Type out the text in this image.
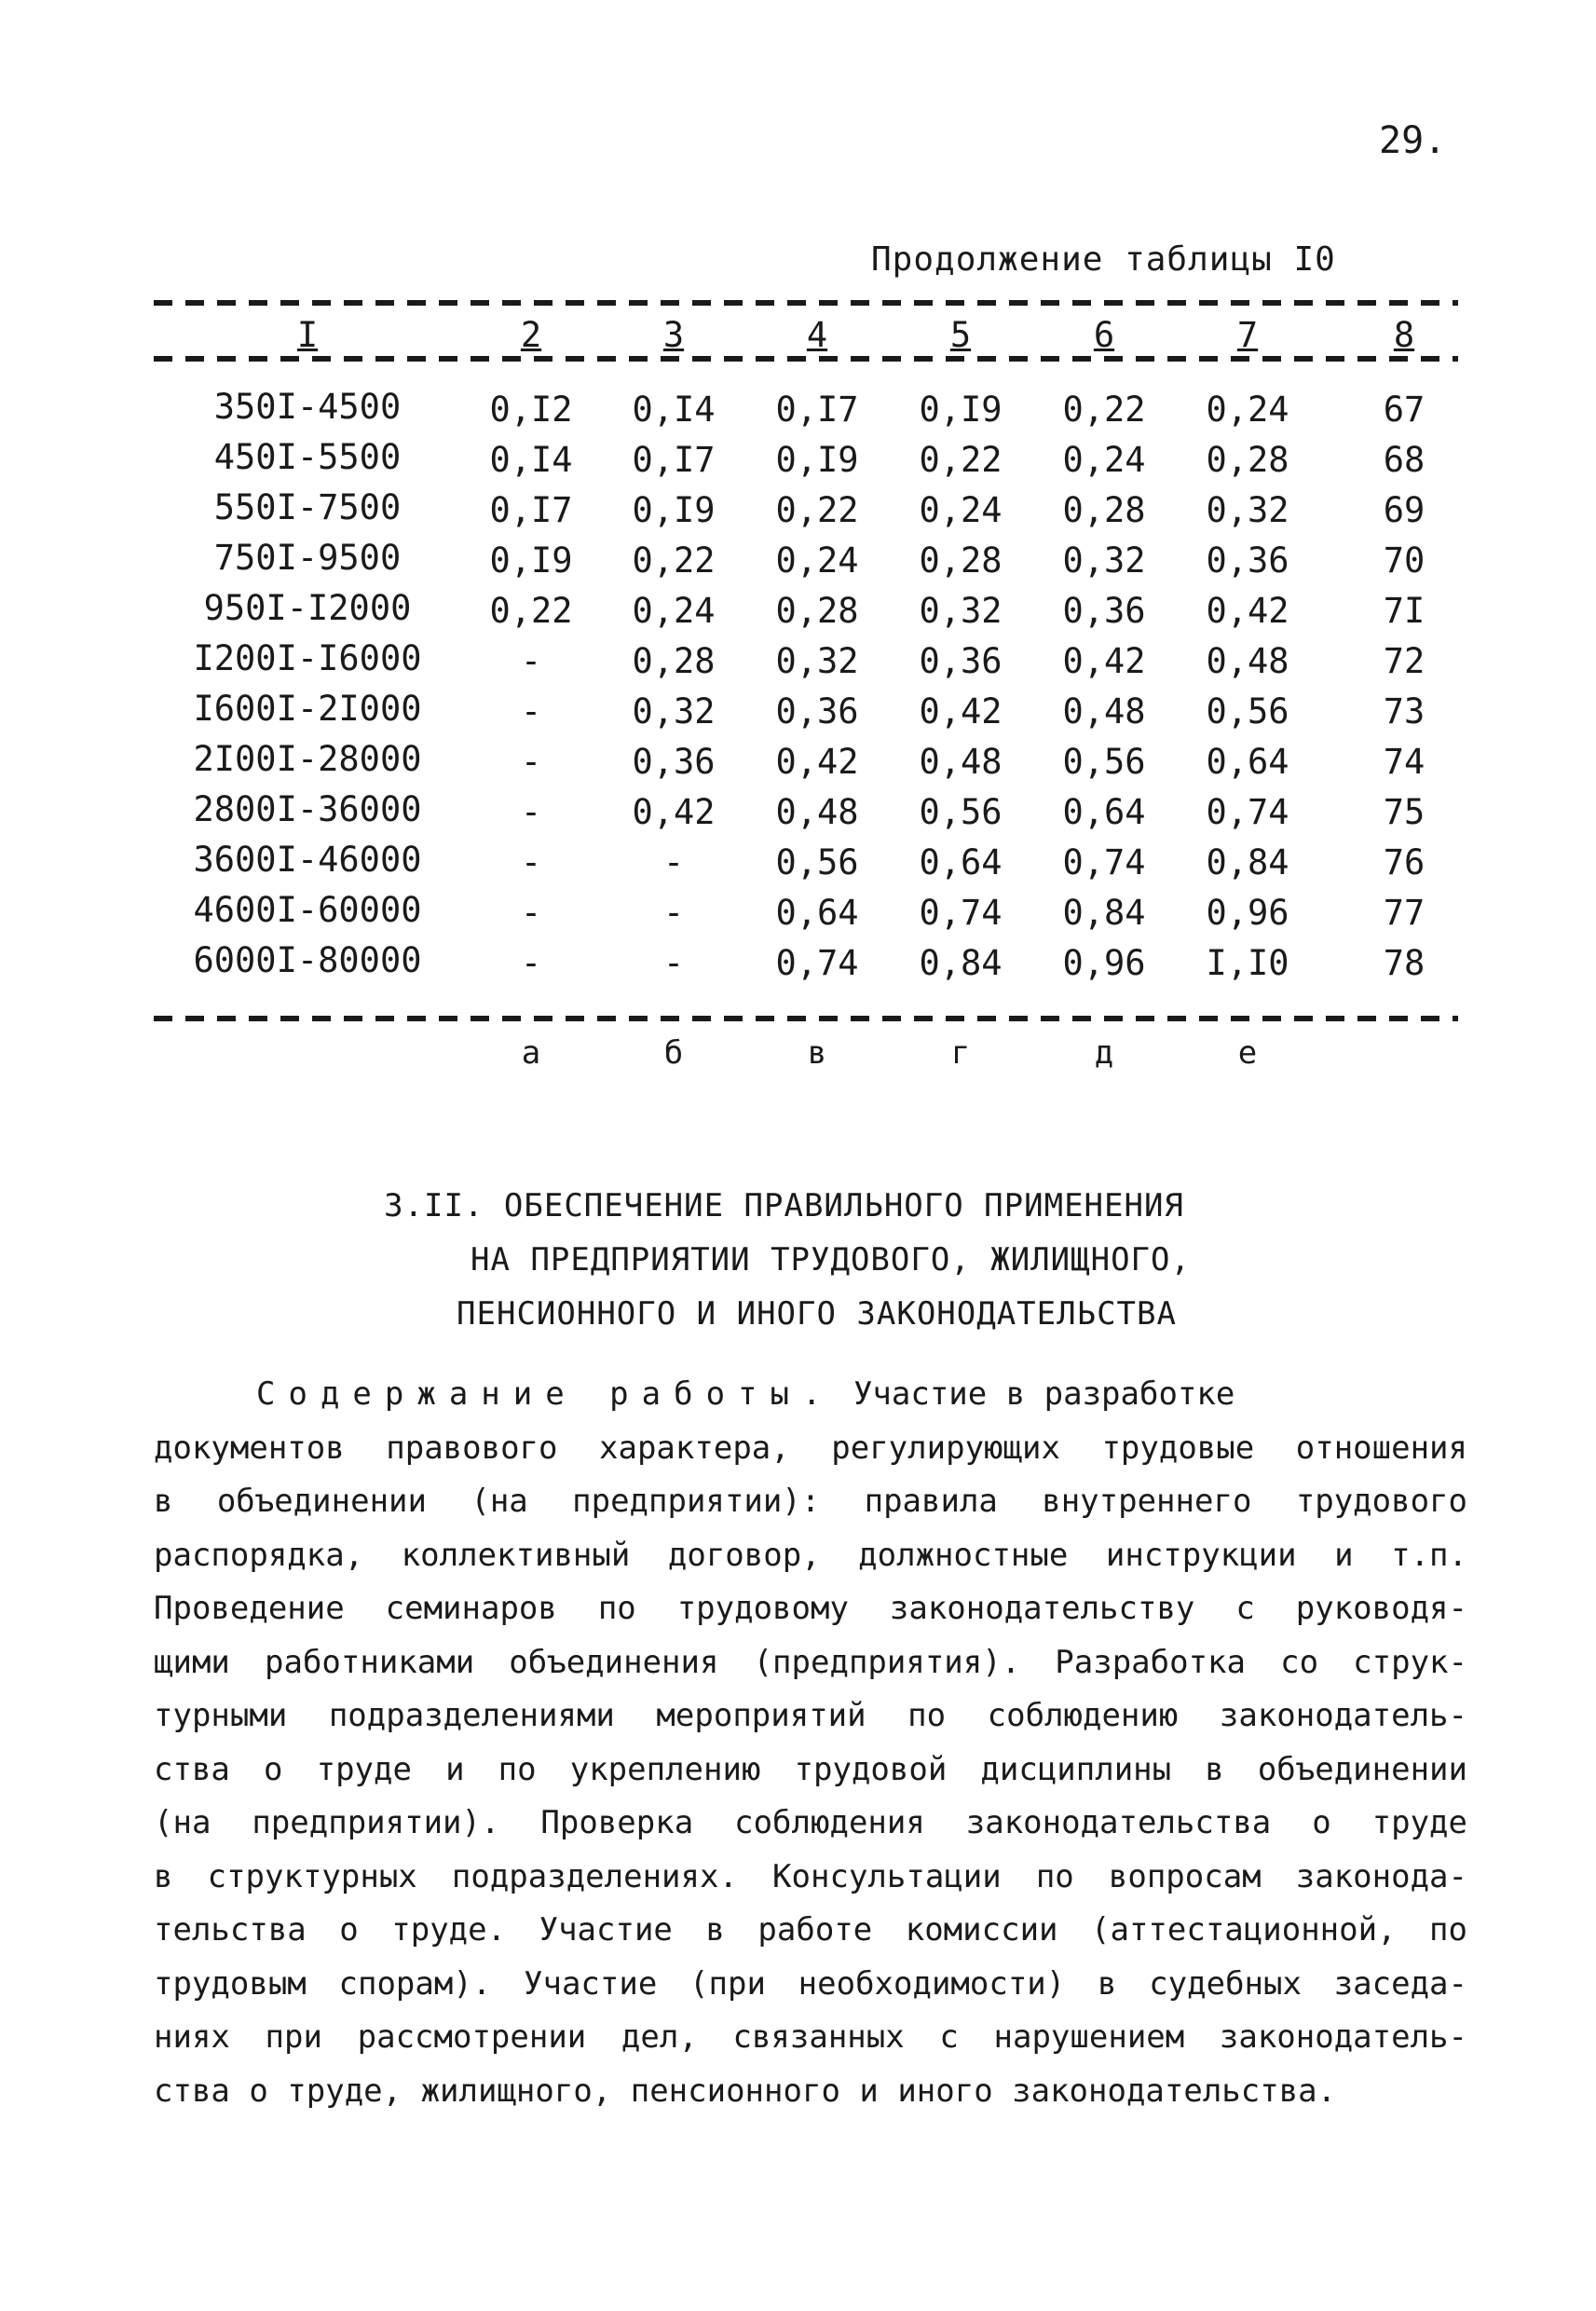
29.
Продолжение таблицы I0
I	2	3	4	5	6	7	8
350I-4500	0,I2	0,I4	0,I7	0,I9	0,22	0,24	67
450I-5500	0,I4	0,I7	0,I9	0,22	0,24	0,28	68
550I-7500	0,I7	0,I9	0,22	0,24	0,28	0,32	69
750I-9500	0,I9	0,22	0,24	0,28	0,32	0,36	70
950I-I2000	0,22	0,24	0,28	0,32	0,36	0,42	7I
I200I-I6000	-	0,28	0,32	0,36	0,42	0,48	72
I600I-2I000	-	0,32	0,36	0,42	0,48	0,56	73
2I00I-28000	-	0,36	0,42	0,48	0,56	0,64	74
2800I-36000	-	0,42	0,48	0,56	0,64	0,74	75
3600I-46000	-	-	0,56	0,64	0,74	0,84	76
4600I-60000	-	-	0,64	0,74	0,84	0,96	77
6000I-80000	-	-	0,74	0,84	0,96	I,I0	78
а	б	в	г	д	е
3.II. ОБЕСПЕЧЕНИЕ ПРАВИЛЬНОГО ПРИМЕНЕНИЯ
НА ПРЕДПРИЯТИИ ТРУДОВОГО, ЖИЛИЩНОГО,
ПЕНСИОННОГО И ИНОГО ЗАКОНОДАТЕЛЬСТВА
Содержание работы. Участие в разработке
документов правового характера, регулирующих трудовые отношения
в объединении (на предприятии): правила внутреннего трудового
распорядка, коллективный договор, должностные инструкции и т.п.
Проведение семинаров по трудовому законодательству с руководя-
щими работниками объединения (предприятия). Разработка со струк-
турными подразделениями мероприятий по соблюдению законодатель-
ства о труде и по укреплению трудовой дисциплины в объединении
(на предприятии). Проверка соблюдения законодательства о труде
в структурных подразделениях. Консультации по вопросам законода-
тельства о труде. Участие в работе комиссии (аттестационной, по
трудовым спорам). Участие (при необходимости) в судебных заседа-
ниях при рассмотрении дел, связанных с нарушением законодатель-
ства о труде, жилищного, пенсионного и иного законодательства.
